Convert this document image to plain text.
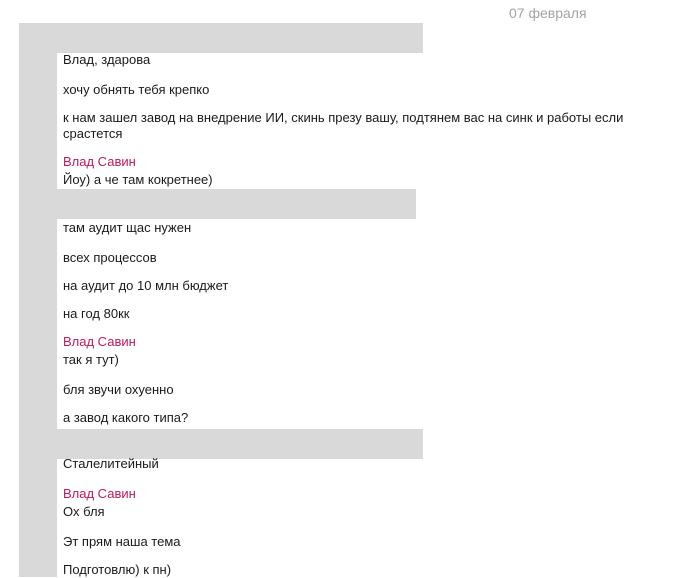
07 февраля
Влад, здарова
хочу обнять тебя крепко
к нам зашел завод на внедрение ИИ, скинь презу вашу, подтянем вас на синк и работы если срастется
Влад Савин
Йоу) а че там кокретнее)
там аудит щас нужен
всех процессов
на аудит до 10 млн бюджет
на год 80кк
Влад Савин
так я тут)
бля звучи охуенно
а завод какого типа?
Сталелитейный
Влад Савин
Ох бля
Эт прям наша тема
Подготовлю) к пн)
